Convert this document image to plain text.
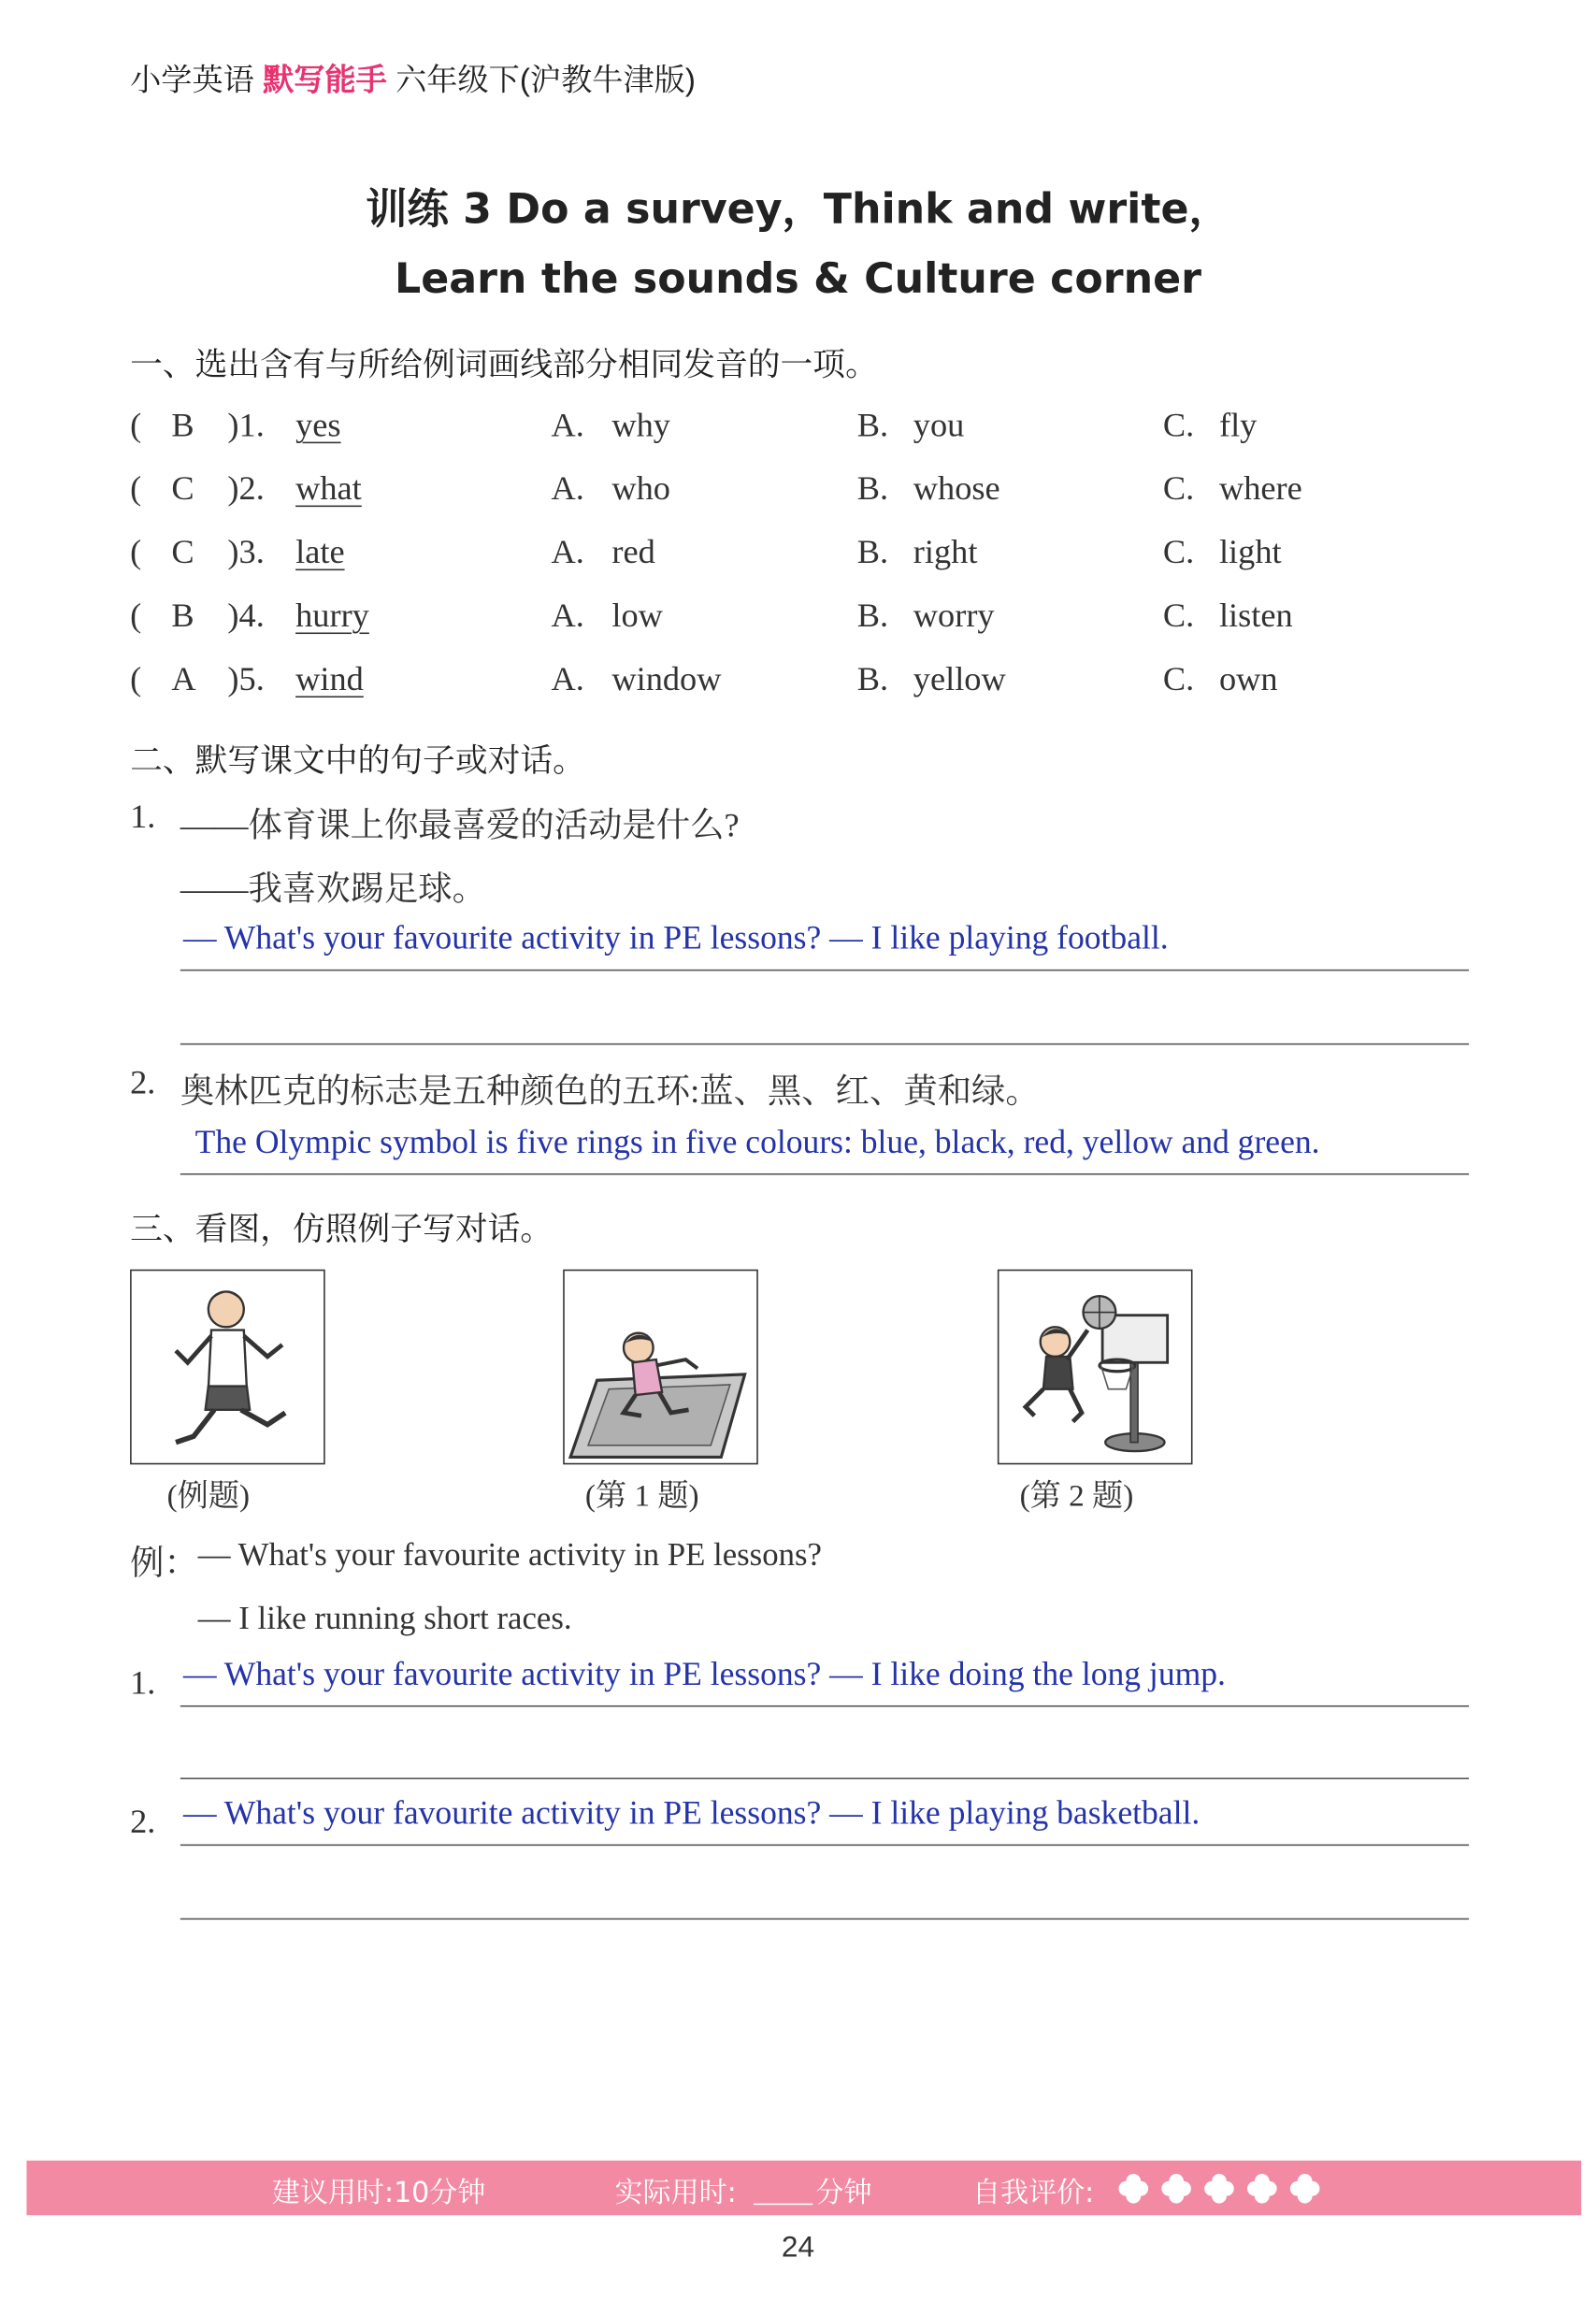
小学英语 默写能手 六年级下(沪教牛津版)
训练 3 Do a survey，Think and write，
Learn the sounds & Culture corner
一、选出含有与所给例词画线部分相同发音的一项。
( B )1. yes	A. why	B. you	C. fly
( C )2. what	A. who	B. whose	C. where
( C )3. late	A. red	B. right	C. light
( B )4. hurry	A. low	B. worry	C. listen
( A )5. wind	A. window	B. yellow	C. own
二、默写课文中的句子或对话。
1. ——体育课上你最喜爱的活动是什么?
——我喜欢踢足球。
— What's your favourite activity in PE lessons? — I like playing football.
2. 奥林匹克的标志是五种颜色的五环:蓝、黑、红、黄和绿。
The Olympic symbol is five rings in five colours: blue, black, red, yellow and green.
三、看图，仿照例子写对话。
(例题)	(第 1 题)	(第 2 题)
例： — What's your favourite activity in PE lessons?
— I like running short races.
1. — What's your favourite activity in PE lessons? — I like doing the long jump.
2. — What's your favourite activity in PE lessons? — I like playing basketball.
建议用时:10分钟	实际用时:	分钟	自我评价:
24
